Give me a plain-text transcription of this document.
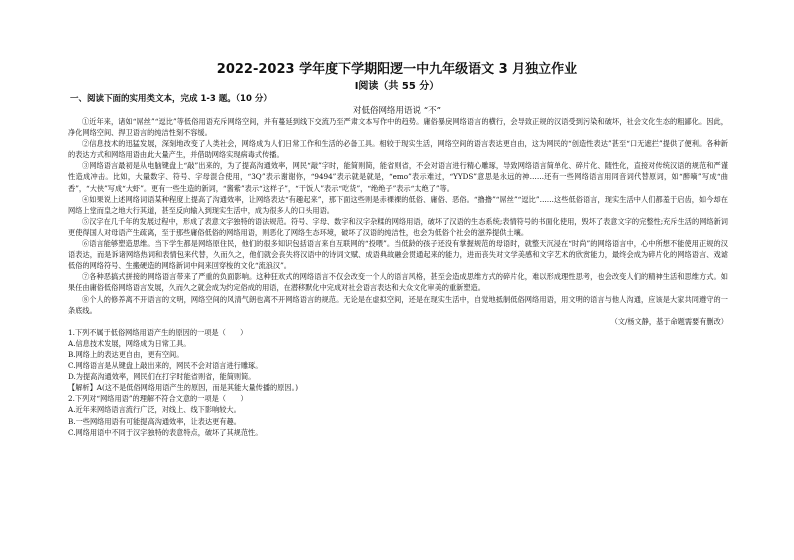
2022-2023 学年度下学期阳逻一中九年级语文 3 月独立作业
Ⅰ阅读（共 55 分）
一、阅读下面的实用类文本，完成 1-3 题。（10 分）
对低俗网络用语说 “不”

①近年来，诸如“屌丝”“逗比”等低俗用语充斥网络空间，并有蔓延到线下交流乃至严肃文本写作中的趋势。庸俗暴戾网络语言的横行，会导致正规的汉语受到污染和破坏，社会文化生态的粗鄙化。因此，净化网络空间、捍卫语言的纯洁性刻不容缓。

②信息技术的迅猛发展，深刻地改变了人类社会，网络成为人们日常工作和生活的必备工具。相较于现实生活，网络空间的语言表达更自由，这为网民的“创造性表达”甚至“口无遮拦”提供了便利。各种新的表达方式和网络用语由此大量产生，并借助网络实现病毒式传播。

③网络语言最初是从电脑键盘上“敲”出来的，为了提高沟通效率，网民“敲”字时，能简则简，能省则省，不会对语言进行精心雕琢，导致网络语言简单化、碎片化、随性化，直接对传统汉语的规范和严谨性造成冲击。比如，大量数字、符号、字母混合使用，“3Q”表示谢谢你，“9494”表示就是就是，“emo”表示难过，“YYDS”意思是永远的神……还有一些网络语言用同音词代替原词，如“醉嘀”写成“曲香”，“大侠”写成“大虾”。更有一些生造的新词，“酱紫”表示“这样子”，“干饭人”表示“吃货”，“绝绝子”表示“太绝了”等。

④如果说上述网络词语某种程度上提高了沟通效率，让网络表达“有趣起来”，那下面这些则是赤裸裸的低俗、庸俗、恶俗。“撸撸”“屌丝”“逗比”……这些低俗语言，现实生活中人们都羞于启齿，如今却在网络上堂而皇之地大行其道，甚至反向输入到现实生活中，成为很多人的口头用语。

⑤汉字在几千年的发展过程中，形成了表意文字独特的语法规范。符号、字母、数字和汉字杂糅的网络用语，破坏了汉语的生态系统;表情符号的书面化使用，毁坏了表意文字的完整性;充斥生活的网络新词更使得国人对母语产生疏离，至于那些庸俗低俗的网络用语，则恶化了网络生态环境，破坏了汉语的纯洁性，也会为低俗个社会的滋养提供土壤。

⑥语言能够塑造思维。当下学生都是网络原住民，他们的很多知识包括语言来自互联网的“投喂”。当低龄的孩子还没有掌握规范的母语时，就整天沉浸在“时尚”的网络语言中，心中所想不能使用正规的汉语表达，而是诉诸网络热词和表情包来代替，久而久之，他们就会丧失将汉语中的诗词文赋、成语典故融会贯通起来的能力，进而丧失对文学美感和文字艺术的欣赏能力，最终会成为碎片化的网络语言、戏谑低俗的网络符号、生搬硬造的网络新词中间来回穿梭的文化“流浪汉”。

⑦各种恶搞式拼接的网络语言带来了严重的负面影响。这种狂欢式的网络语言不仅会改变一个人的语言风格，甚至会造成思维方式的碎片化，难以形成理性思考，也会改变人们的精神生活和思维方式。如果任由庸俗低俗网络语言发展，久而久之就会成为约定俗成的用语，在潜移默化中完成对社会语言表达和大众文化审美的重新塑造。

⑧个人的修养离不开语言的文明，网络空间的风清气朗也离不开网络语言的规范。无论是在虚拟空间，还是在现实生活中，自觉地抵制低俗网络用语，用文明的语言与他人沟通，应该是大家共同遵守的一条底线。

（文/杨文静，基于命题需要有删改）

1.下列不属于低俗网络用语产生的原因的一项是（　　）

A.信息技术发展，网络成为日常工具。

B.网络上的表达更自由，更有空间。

C.网络语言是从键盘上敲出来的，网民不会对语言进行雕琢。

D.为提高沟通效率，网民们在打字时能省则省，能简则简。

【解析】A(这不是低俗网络用语产生的原因，而是其能大量传播的原因。)

2.下列对“网络用语”的理解不符合文意的一项是（　　）

A.近年来网络语言流行广泛，对线上、线下影响较大。

B.一些网络用语有可能提高沟通效率，让表达更有趣。

C.网络用语中不同于汉字独特的表意特点，破坏了其规范性。
